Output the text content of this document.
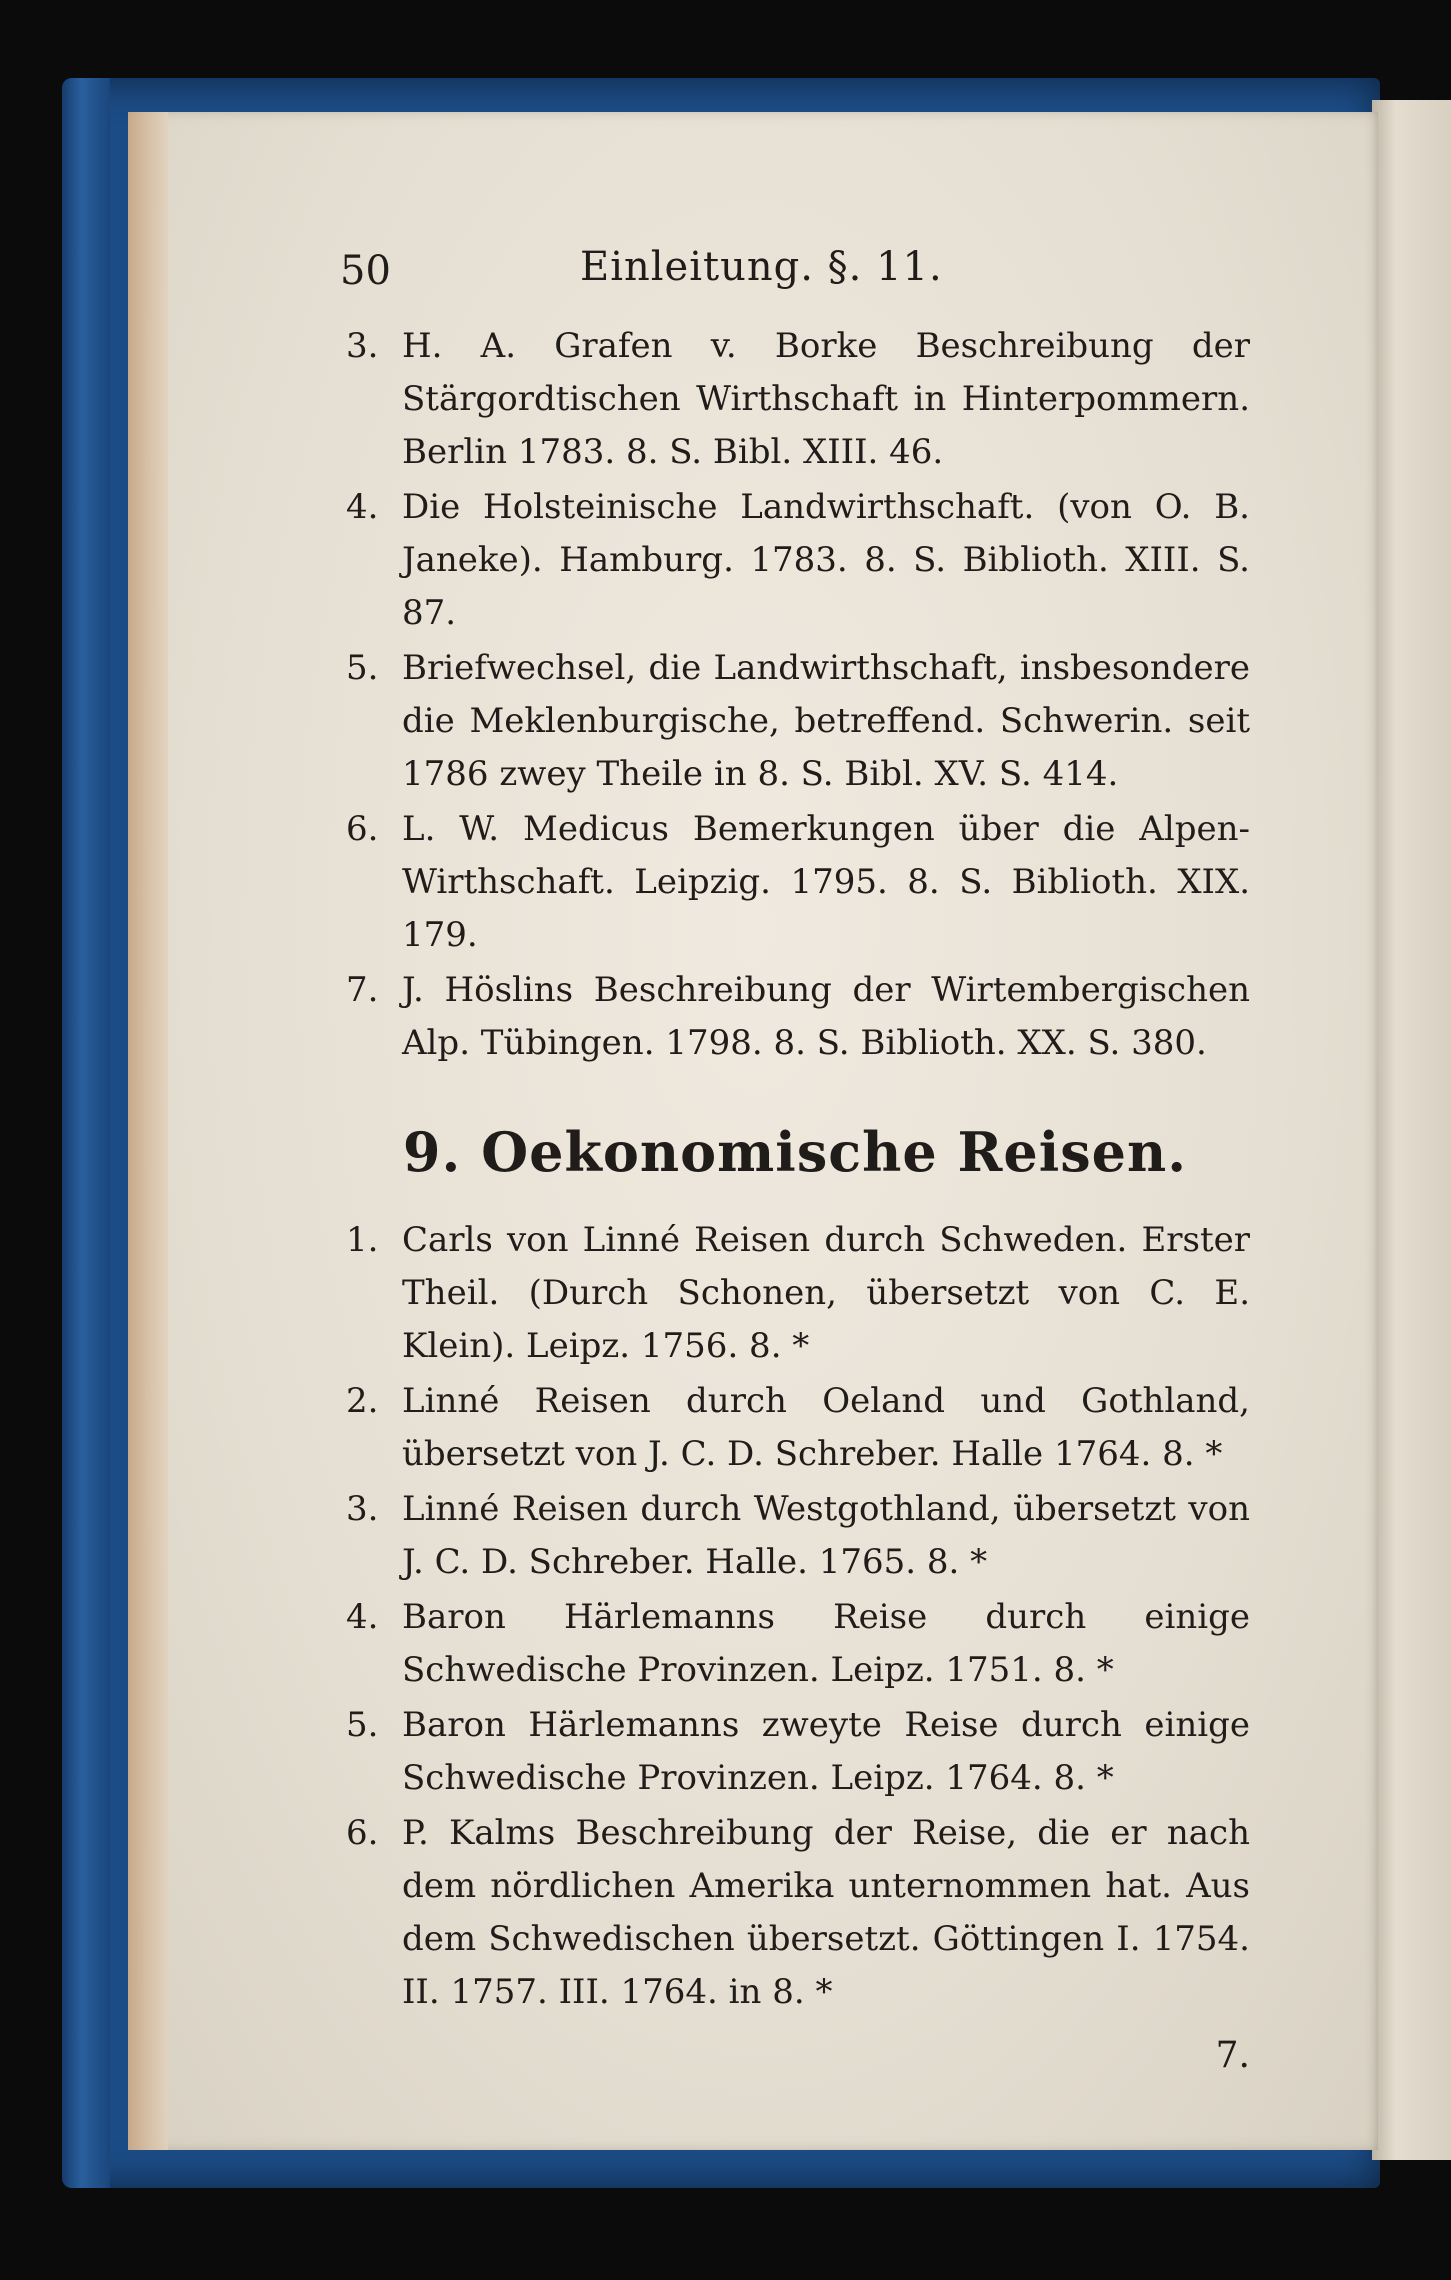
50	Einleitung. §. 11.
3. H. A. Grafen v. Borke Beschreibung der Stärgordtischen Wirthschaft in Hinterpommern. Berlin 1783. 8. S. Bibl. XIII. 46.
4. Die Holsteinische Landwirthschaft. (von O. B. Janeke). Hamburg. 1783. 8. S. Biblioth. XIII. S. 87.
5. Briefwechsel, die Landwirthschaft, insbesondere die Meklenburgische, betreffend. Schwerin. seit 1786 zwey Theile in 8. S. Bibl. XV. S. 414.
6. L. W. Medicus Bemerkungen über die Alpen-Wirthschaft. Leipzig. 1795. 8. S. Biblioth. XIX. 179.
7. J. Höslins Beschreibung der Wirtembergischen Alp. Tübingen. 1798. 8. S. Biblioth. XX. S. 380.
9. Oekonomische Reisen.
1. Carls von Linné Reisen durch Schweden. Erster Theil. (Durch Schonen, übersetzt von C. E. Klein). Leipz. 1756. 8. *
2. Linné Reisen durch Oeland und Gothland, übersetzt von J. C. D. Schreber. Halle 1764. 8. *
3. Linné Reisen durch Westgothland, übersetzt von J. C. D. Schreber. Halle. 1765. 8. *
4. Baron Härlemanns Reise durch einige Schwedische Provinzen. Leipz. 1751. 8. *
5. Baron Härlemanns zweyte Reise durch einige Schwedische Provinzen. Leipz. 1764. 8. *
6. P. Kalms Beschreibung der Reise, die er nach dem nördlichen Amerika unternommen hat. Aus dem Schwedischen übersetzt. Göttingen I. 1754. II. 1757. III. 1764. in 8. *
7.
